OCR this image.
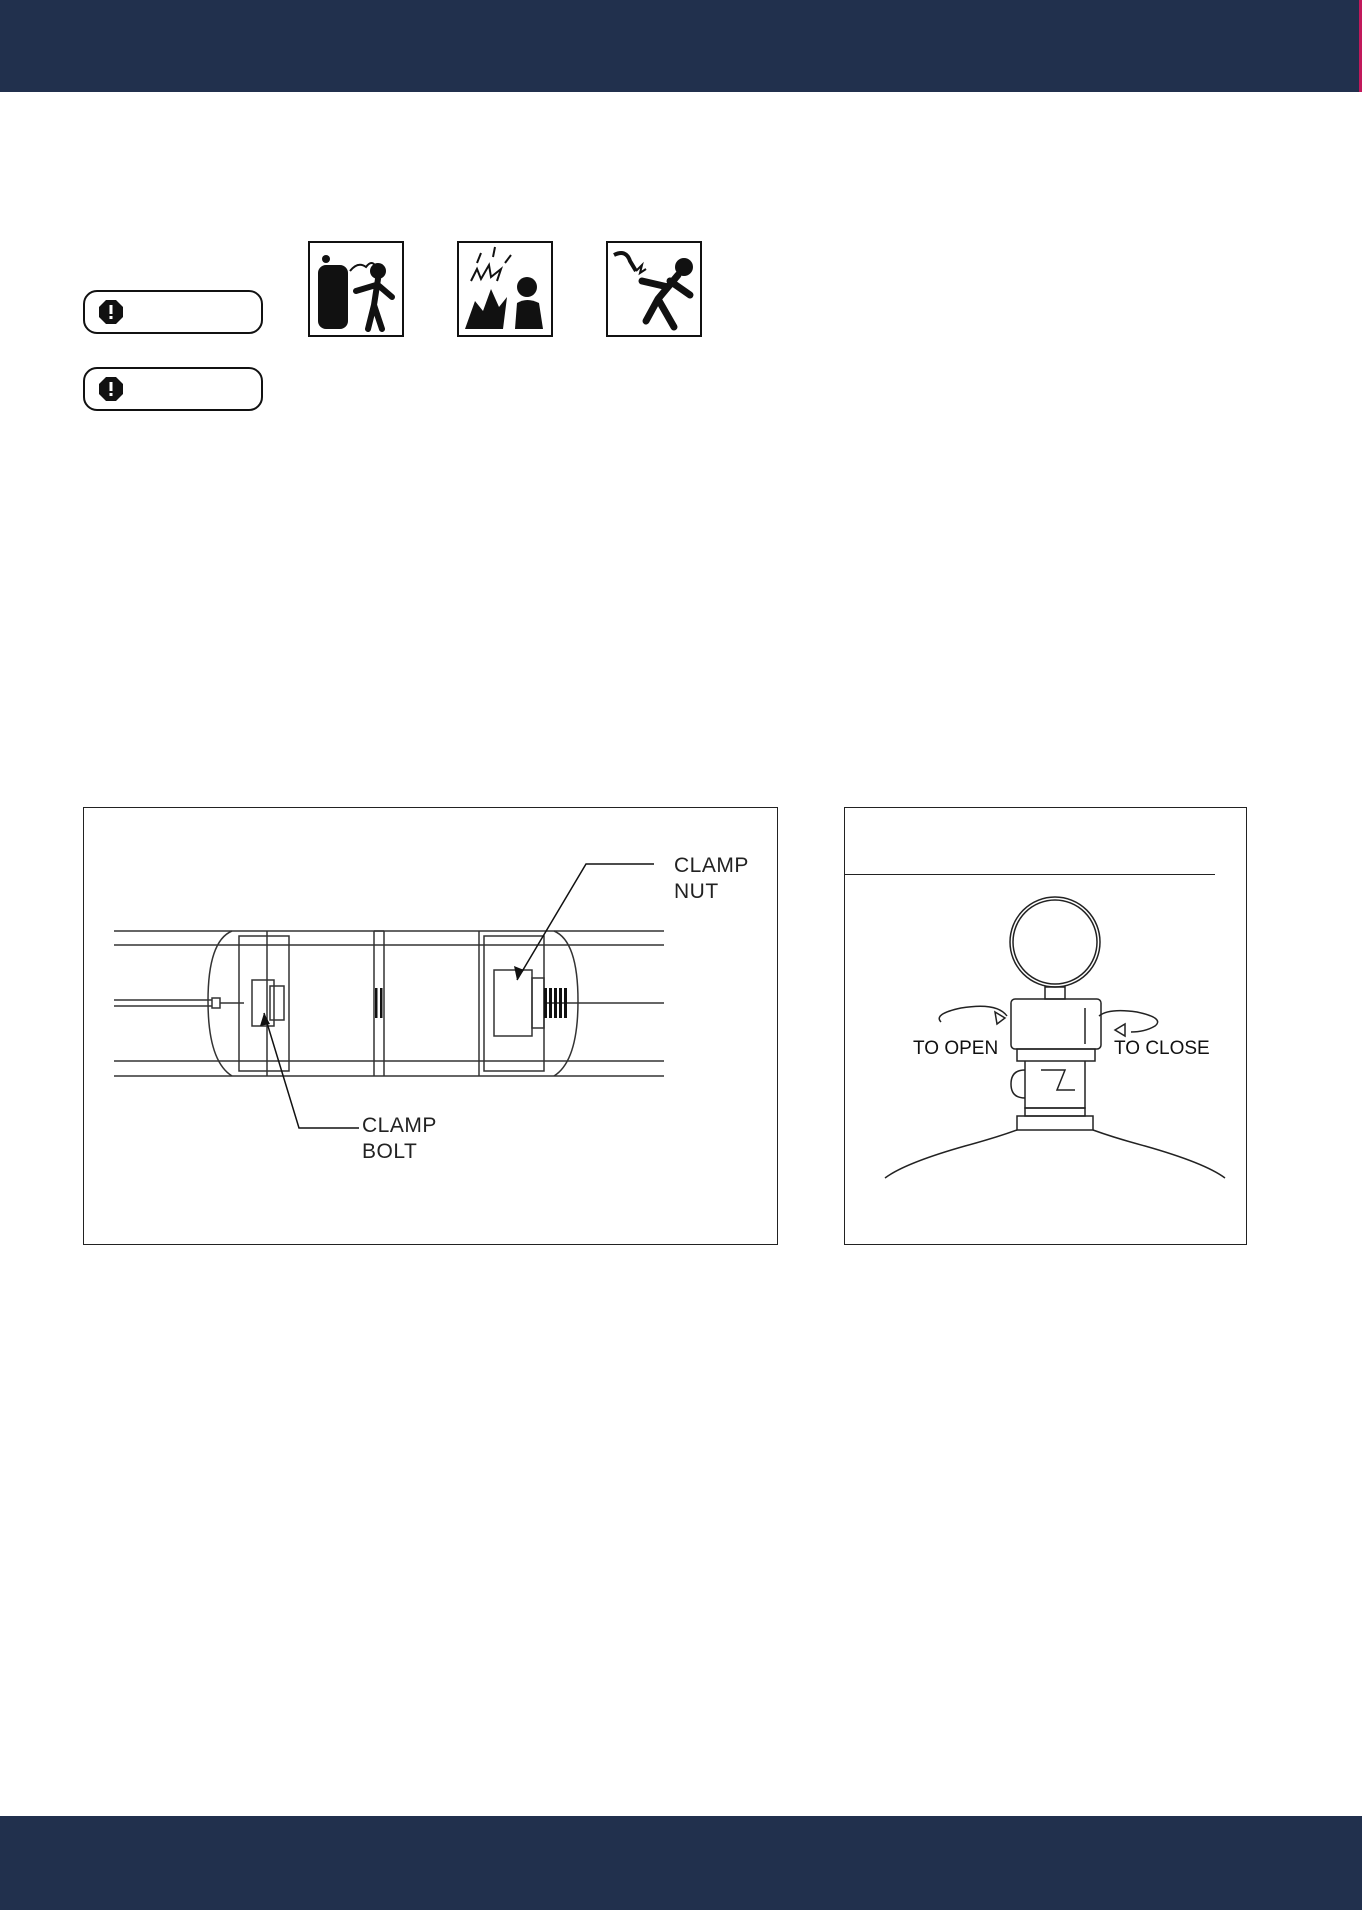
CLAMP
NUT
CLAMP
BOLT
TO OPEN	TO CLOSE
